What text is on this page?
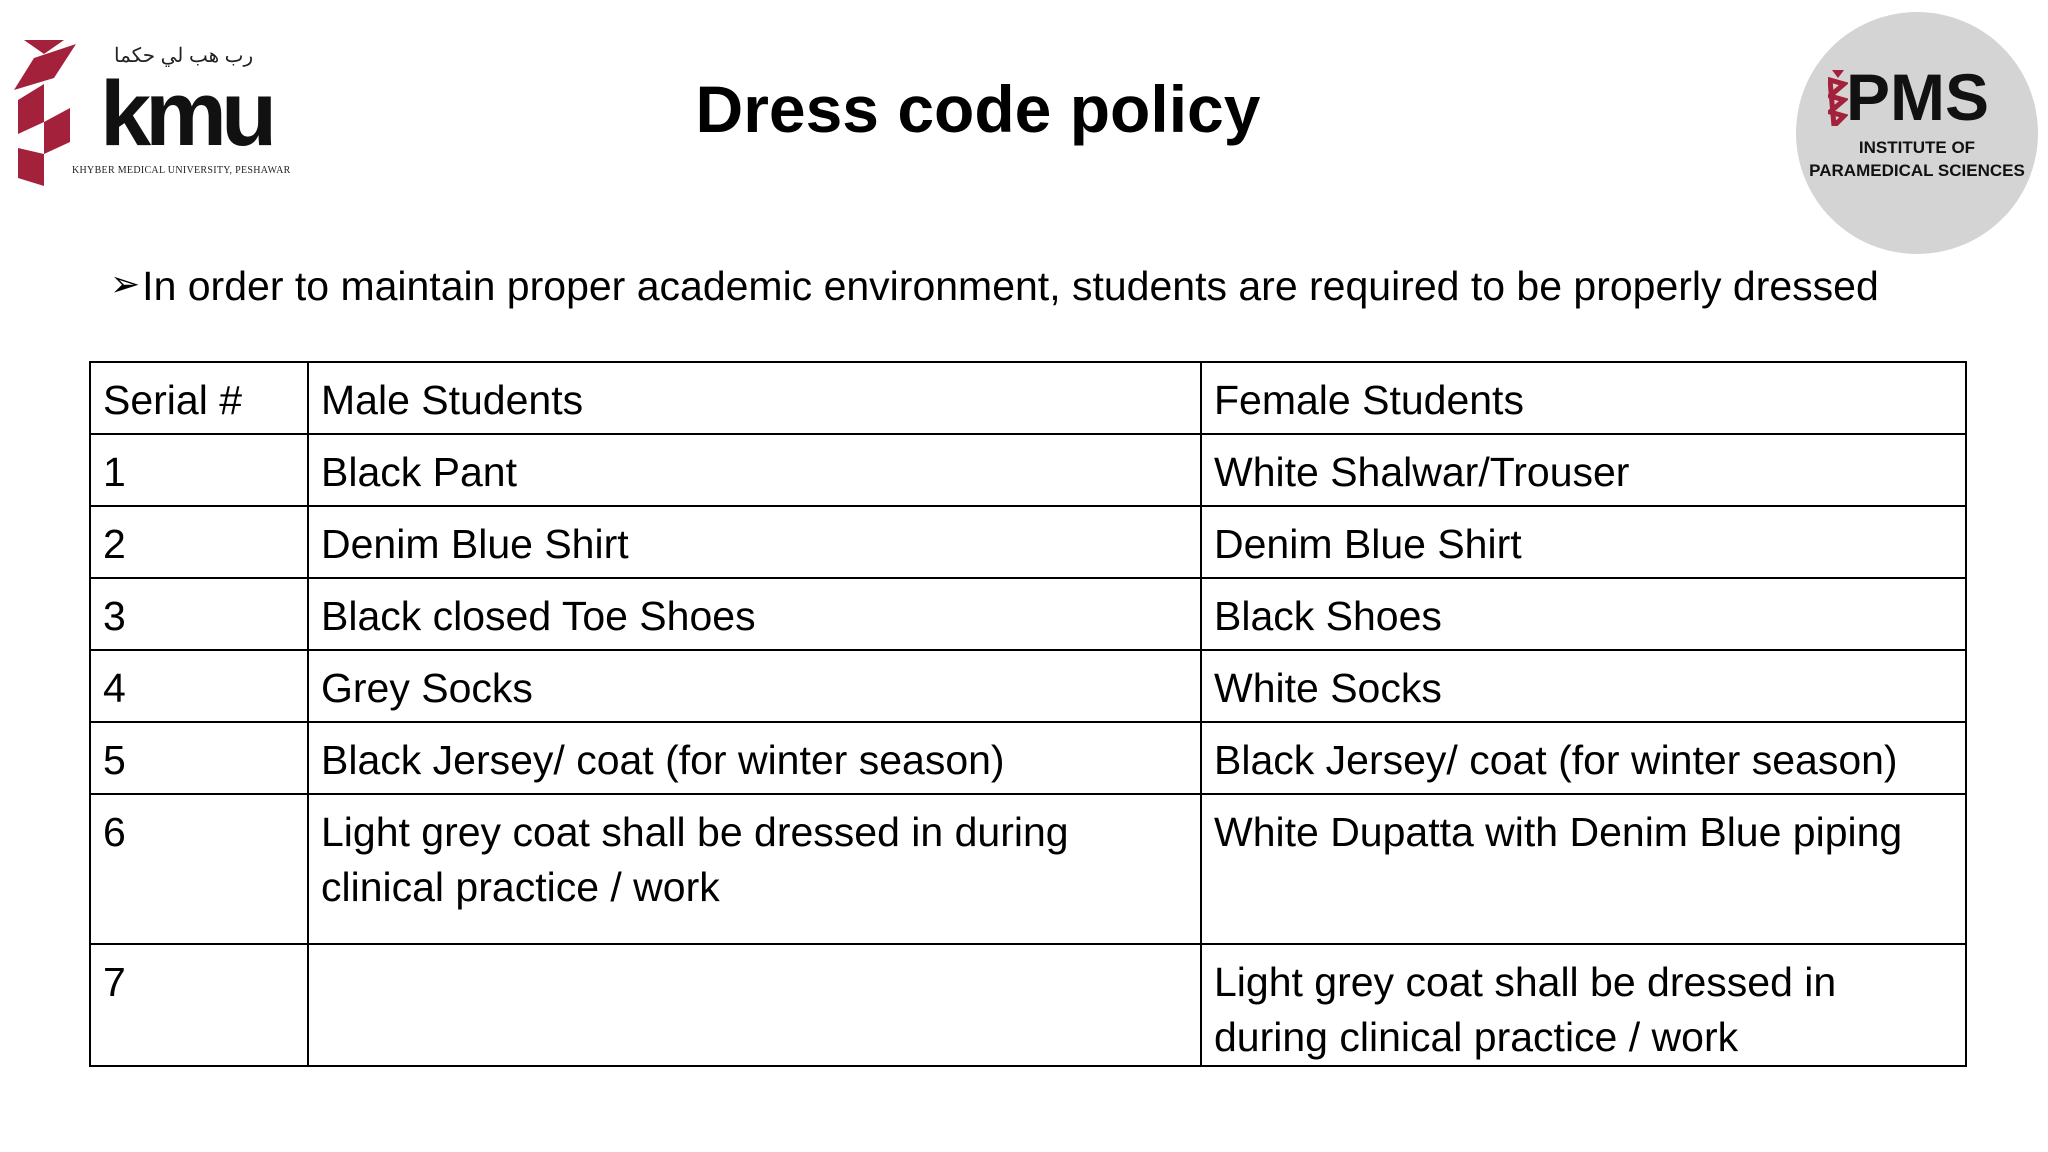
رب هب لي حكما
kmu
KHYBER MEDICAL UNIVERSITY, PESHAWAR
PMS
INSTITUTE OF
PARAMEDICAL SCIENCES
Dress code policy
➢In order to maintain proper academic environment, students are required to be properly dressed
Serial #	Male Students	Female Students
1	Black Pant	White Shalwar/Trouser
2	Denim Blue Shirt	Denim Blue Shirt
3	Black closed Toe Shoes	Black Shoes
4	Grey Socks	White Socks
5	Black Jersey/ coat (for winter season)	Black Jersey/ coat (for winter season)
6	Light grey coat shall be dressed in during clinical practice / work	White Dupatta with Denim Blue piping
7		Light grey coat shall be dressed in during clinical practice / work
